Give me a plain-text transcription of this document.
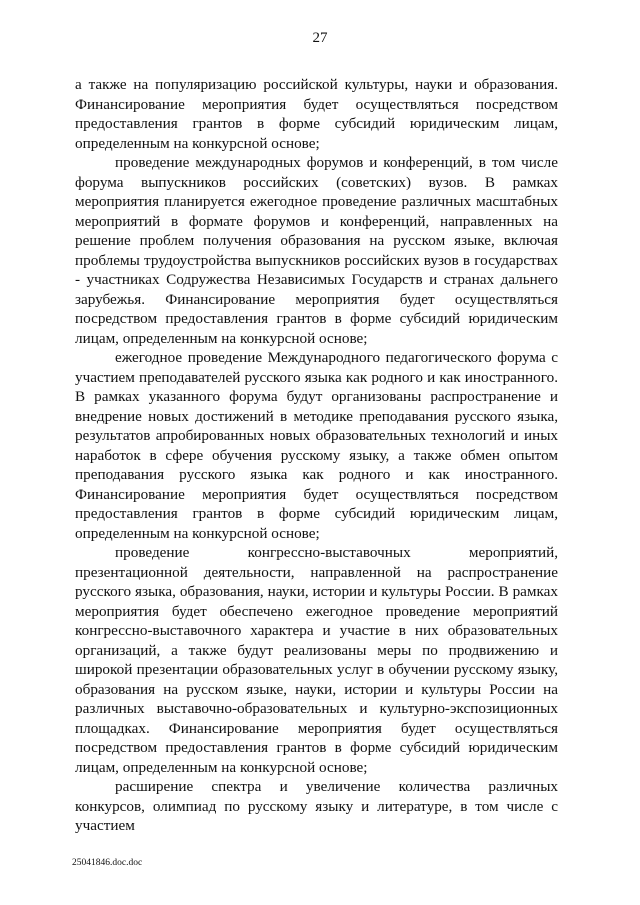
27

а также на популяризацию российской культуры, науки и образования. Финансирование мероприятия будет осуществляться посредством предоставления грантов в форме субсидий юридическим лицам, определенным на конкурсной основе;

проведение международных форумов и конференций, в том числе форума выпускников российских (советских) вузов. В рамках мероприятия планируется ежегодное проведение различных масштабных мероприятий в формате форумов и конференций, направленных на решение проблем получения образования на русском языке, включая проблемы трудоустройства выпускников российских вузов в государствах - участниках Содружества Независимых Государств и странах дальнего зарубежья. Финансирование мероприятия будет осуществляться посредством предоставления грантов в форме субсидий юридическим лицам, определенным на конкурсной основе;

ежегодное проведение Международного педагогического форума с участием преподавателей русского языка как родного и как иностранного. В рамках указанного форума будут организованы распространение и внедрение новых достижений в методике преподавания русского языка, результатов апробированных новых образовательных технологий и иных наработок в сфере обучения русскому языку, а также обмен опытом преподавания русского языка как родного и как иностранного. Финансирование мероприятия будет осуществляться посредством предоставления грантов в форме субсидий юридическим лицам, определенным на конкурсной основе;

проведение конгрессно-выставочных мероприятий, презентационной деятельности, направленной на распространение русского языка, образования, науки, истории и культуры России. В рамках мероприятия будет обеспечено ежегодное проведение мероприятий конгрессно-выставочного характера и участие в них образовательных организаций, а также будут реализованы меры по продвижению и широкой презентации образовательных услуг в обучении русскому языку, образования на русском языке, науки, истории и культуры России на различных выставочно-образовательных и культурно-экспозиционных площадках. Финансирование мероприятия будет осуществляться посредством предоставления грантов в форме субсидий юридическим лицам, определенным на конкурсной основе;

расширение спектра и увеличение количества различных конкурсов, олимпиад по русскому языку и литературе, в том числе с участием

25041846.doc.doc
